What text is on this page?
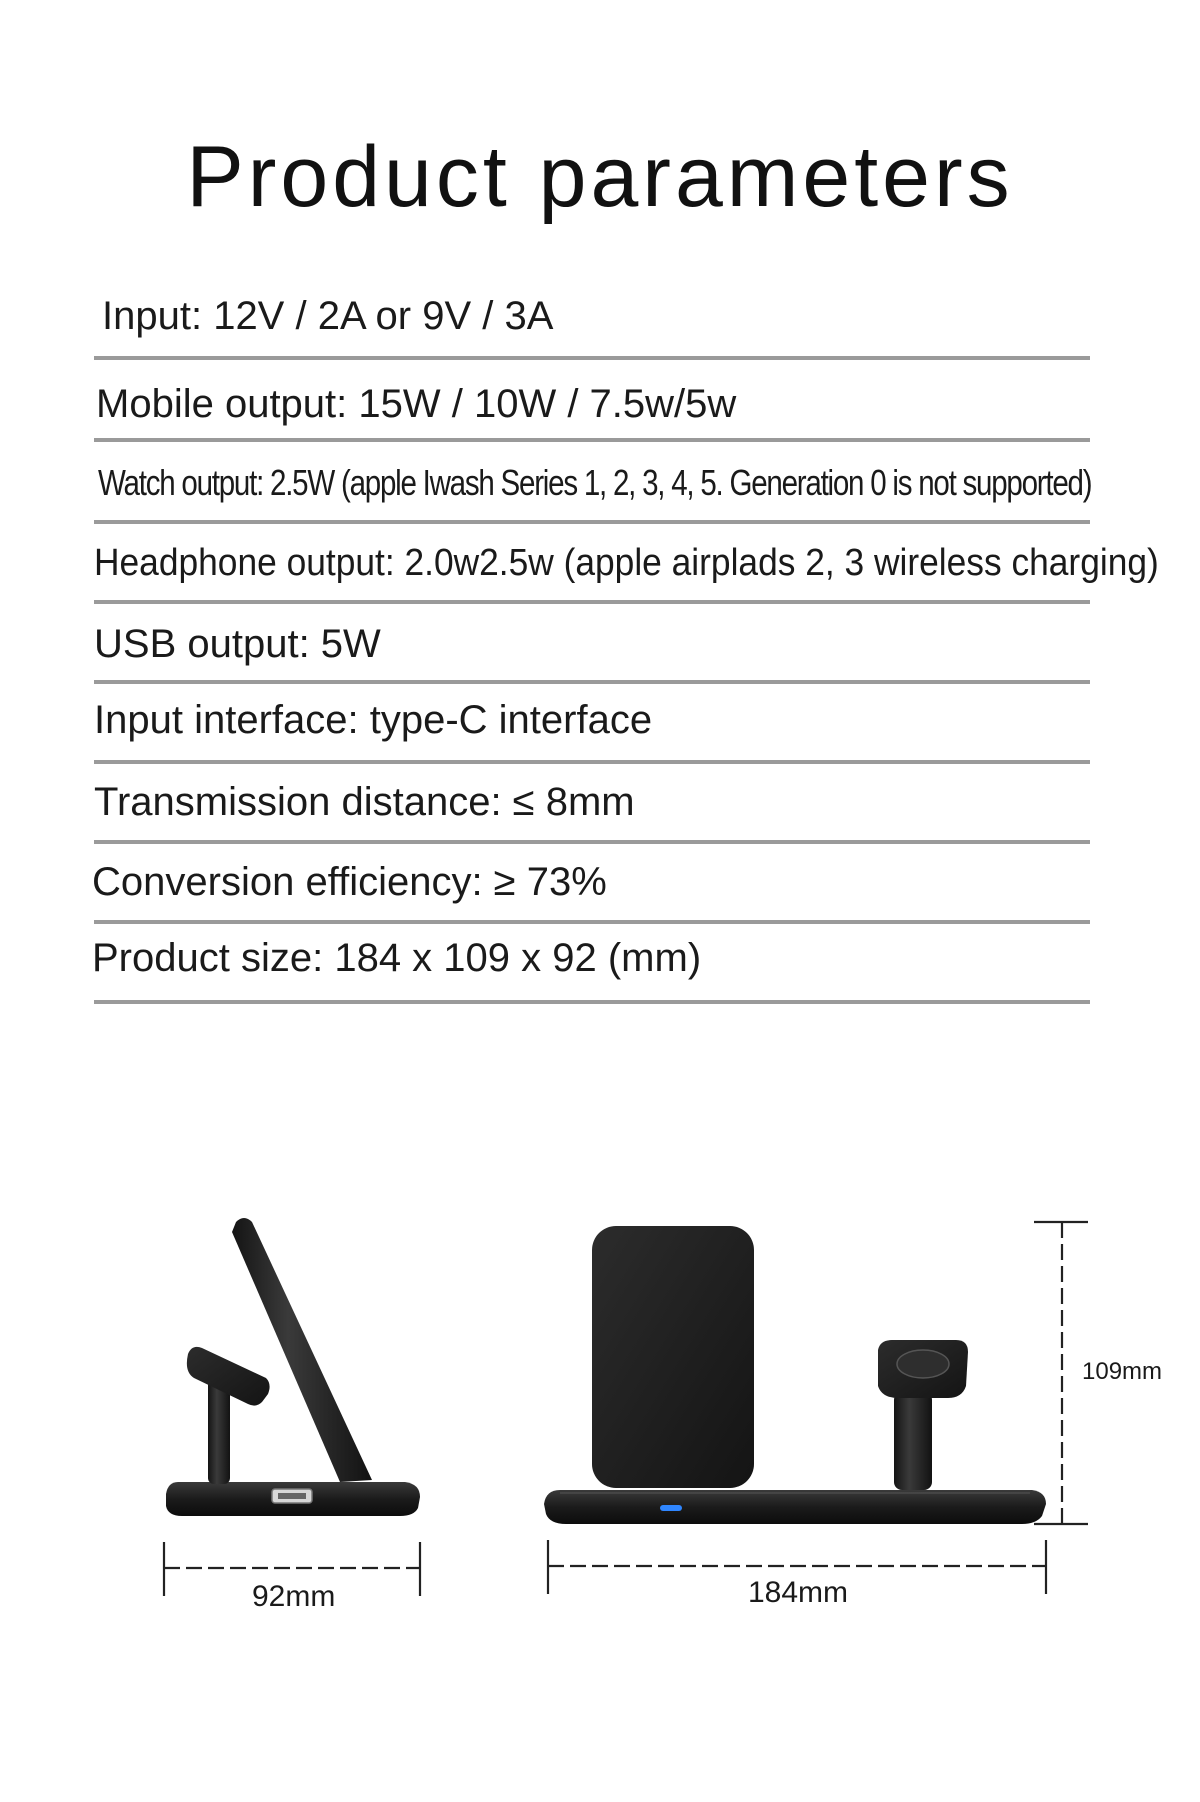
Product parameters
Input: 12V / 2A or 9V / 3A
Mobile output: 15W / 10W / 7.5w/5w
Watch output: 2.5W (apple Iwash Series 1, 2, 3, 4, 5. Generation 0 is not supported)
Headphone output: 2.0w2.5w (apple airplads 2, 3 wireless charging)
USB output: 5W
Input interface: type-C interface
Transmission distance: ≤ 8mm
Conversion efficiency: ≥ 73%
Product size: 184 x 109 x 92 (mm)
92mm	184mm
109mm
